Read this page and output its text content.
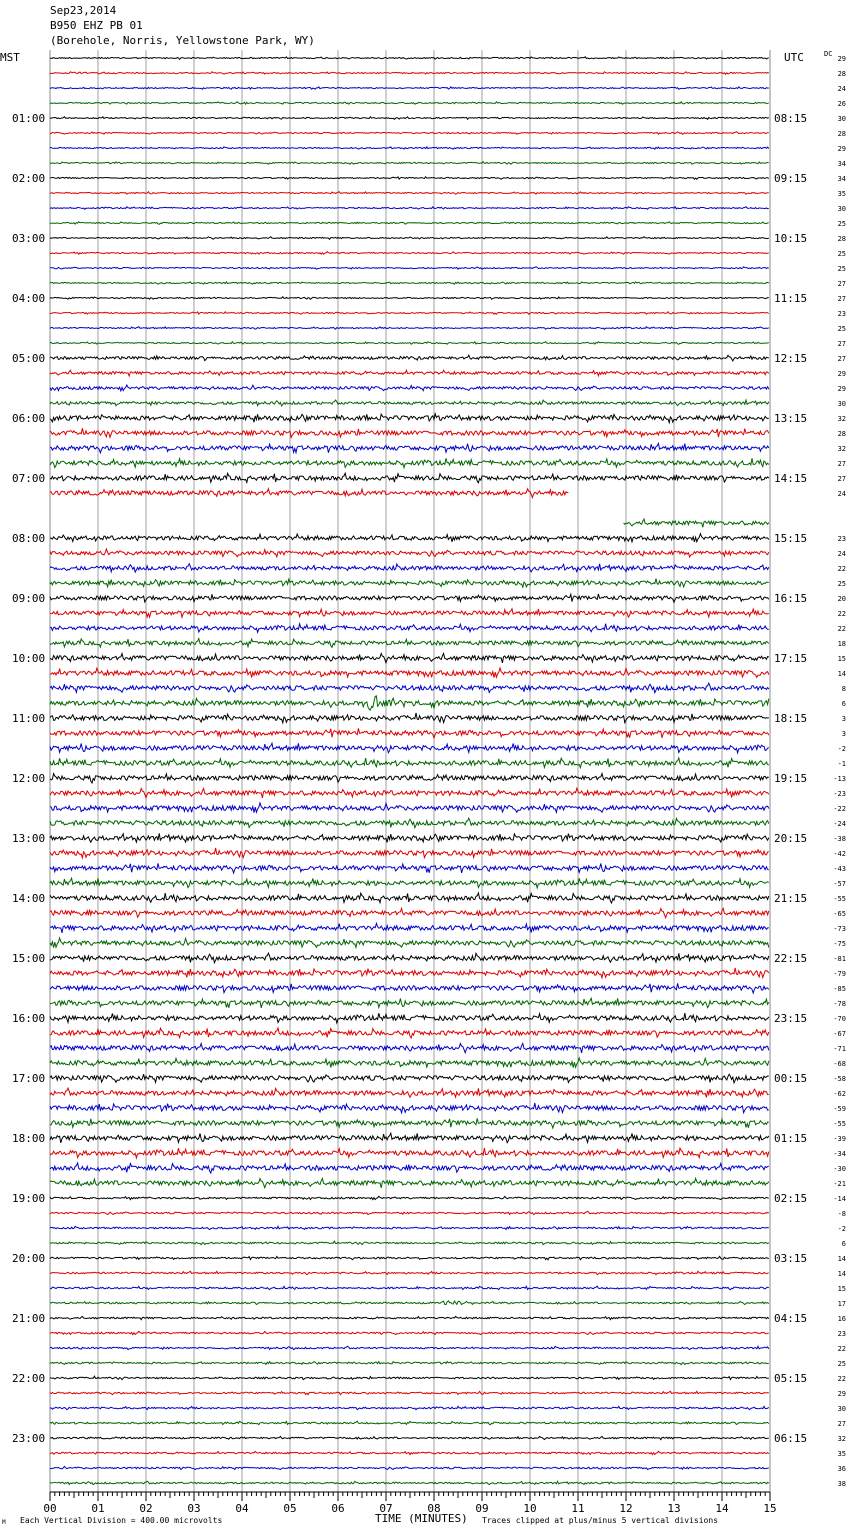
Sep23,2014
B950 EHZ PB 01
(Borehole, Norris, Yellowstone Park, WY)
01:00
02:00
03:00
04:00
05:00
06:00
07:00
08:00
09:00
10:00
11:00
12:00
13:00
14:00
15:00
16:00
17:00
18:00
19:00
20:00
21:00
22:00
23:00
08:15
09:15
10:15
11:15
12:15
13:15
14:15
15:15
16:15
17:15
18:15
19:15
20:15
21:15
22:15
23:15
00:15
01:15
02:15
03:15
04:15
05:15
06:15
29
28
24
26
30
28
29
34
34
35
30
25
28
25
25
27
27
23
25
27
27
29
29
30
32
28
32
27
27
24
23
24
22
25
20
22
22
18
15
14
8
6
3
3
-2
-1
-13
-23
-22
-24
-38
-42
-43
-57
-55
-65
-73
-75
-81
-79
-85
-78
-70
-67
-71
-68
-58
-62
-59
-55
-39
-34
-30
-21
-14
-8
-2
6
14
14
15
17
16
23
22
25
22
29
30
27
32
35
36
38
00	01	02	03	04	05	06	07	08	09	10	11	12	13	14	15
MST	UTC	DC
TIME (MINUTES)
Each Vertical Division = 400.00 microvolts	Traces clipped at plus/minus 5 vertical divisions
M
